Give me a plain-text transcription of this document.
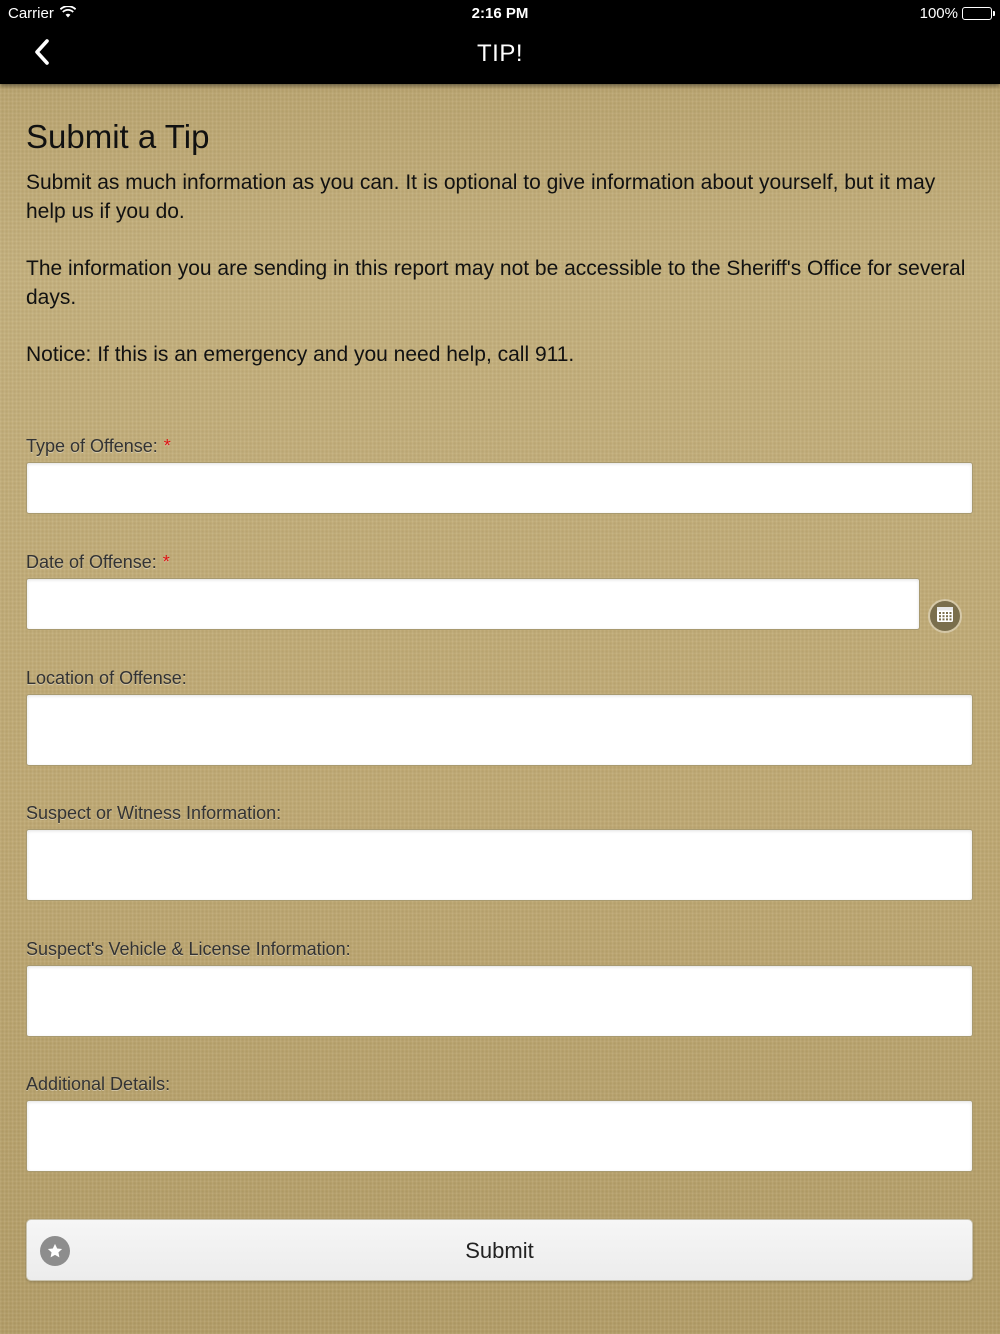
Carrier	2:16 PM	100%
TIP!
Submit a Tip

Submit as much information as you can. It is optional to give information about yourself, but it may help us if you do.

The information you are sending in this report may not be accessible to the Sheriff's Office for several days.

Notice: If this is an emergency and you need help, call 911.

Type of Offense: *
Date of Offense: *
Location of Offense:
Suspect or Witness Information:
Suspect's Vehicle & License Information:
Additional Details:
Submit
